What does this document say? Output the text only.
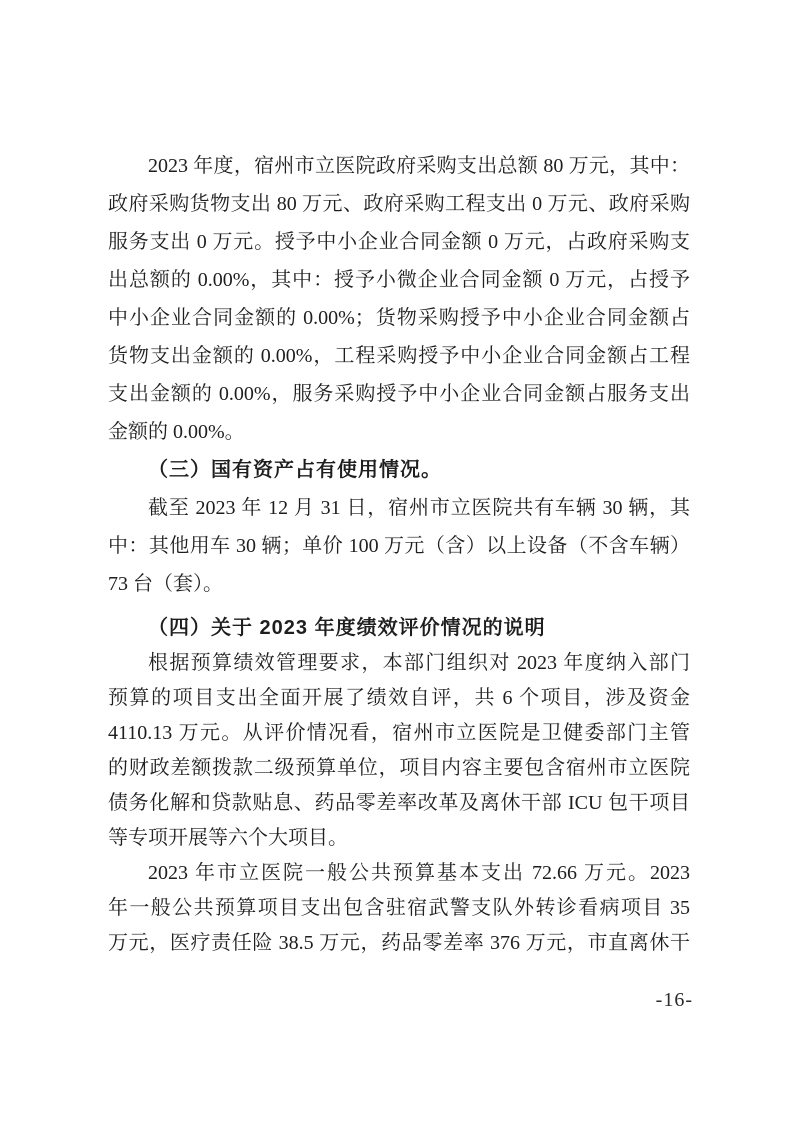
2023 年度，宿州市立医院政府采购支出总额 80 万元，其中：
政府采购货物支出 80 万元、政府采购工程支出 0 万元、政府采购
服务支出 0 万元。授予中小企业合同金额 0 万元，占政府采购支
出总额的 0.00%，其中：授予小微企业合同金额 0 万元，占授予
中小企业合同金额的 0.00%；货物采购授予中小企业合同金额占
货物支出金额的 0.00%，工程采购授予中小企业合同金额占工程
支出金额的 0.00%，服务采购授予中小企业合同金额占服务支出
金额的 0.00%。
（三）国有资产占有使用情况。
截至 2023 年 12 月 31 日，宿州市立医院共有车辆 30 辆，其
中：其他用车 30 辆；单价 100 万元（含）以上设备（不含车辆）
73 台（套）。
（四）关于 2023 年度绩效评价情况的说明
根据预算绩效管理要求，本部门组织对 2023 年度纳入部门
预算的项目支出全面开展了绩效自评，共 6 个项目，涉及资金
4110.13 万元。从评价情况看，宿州市立医院是卫健委部门主管
的财政差额拨款二级预算单位，项目内容主要包含宿州市立医院
债务化解和贷款贴息、药品零差率改革及离休干部 ICU 包干项目
等专项开展等六个大项目。
2023 年市立医院一般公共预算基本支出 72.66 万元。2023
年一般公共预算项目支出包含驻宿武警支队外转诊看病项目 35
万元，医疗责任险 38.5 万元，药品零差率 376 万元，市直离休干
-16-
